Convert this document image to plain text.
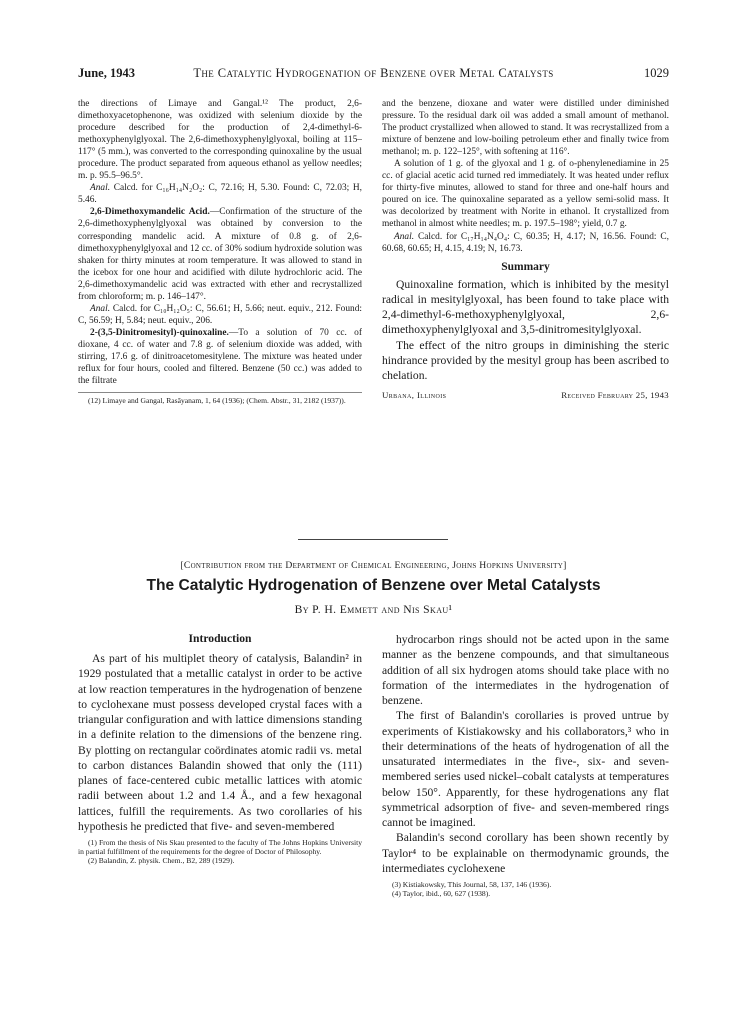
June, 1943	The Catalytic Hydrogenation of Benzene over Metal Catalysts	1029

the directions of Limaye and Gangal.¹² The product, 2,6-dimethoxyacetophenone, was oxidized with selenium dioxide by the procedure described for the production of 2,4-dimethyl-6-methoxyphenylglyoxal. The 2,6-dimethoxyphenylglyoxal, boiling at 115–117° (5 mm.), was converted to the corresponding quinoxaline by the usual procedure. The product separated from aqueous ethanol as yellow needles; m. p. 95.5–96.5°.

Anal. Calcd. for C₁₆H₁₄N₂O₂: C, 72.16; H, 5.30. Found: C, 72.03; H, 5.46.

2,6-Dimethoxymandelic Acid.—Confirmation of the structure of the 2,6-dimethoxyphenylglyoxal was obtained by conversion to the corresponding mandelic acid. A mixture of 0.8 g. of 2,6-dimethoxyphenylglyoxal and 12 cc. of 30% sodium hydroxide solution was shaken for thirty minutes at room temperature. It was allowed to stand in the icebox for one hour and acidified with dilute hydrochloric acid. The 2,6-dimethoxymandelic acid was extracted with ether and recrystallized from chloroform; m. p. 146–147°.

Anal. Calcd. for C₁₀H₁₂O₅: C, 56.61; H, 5.66; neut. equiv., 212. Found: C, 56.59; H, 5.84; neut. equiv., 206.

2-(3,5-Dinitromesityl)-quinoxaline.—To a solution of 70 cc. of dioxane, 4 cc. of water and 7.8 g. of selenium dioxide was added, with stirring, 17.6 g. of dinitroacetomesitylene. The mixture was heated under reflux for four hours, cooled and filtered. Benzene (50 cc.) was added to the filtrate

(12) Limaye and Gangal, Rasāyanam, 1, 64 (1936); (Chem. Abstr., 31, 2182 (1937)).

and the benzene, dioxane and water were distilled under diminished pressure. To the residual dark oil was added a small amount of methanol. The product crystallized when allowed to stand. It was recrystallized from a mixture of benzene and low-boiling petroleum ether and finally twice from methanol; m. p. 122–125°, with softening at 116°.

A solution of 1 g. of the glyoxal and 1 g. of o-phenylenediamine in 25 cc. of glacial acetic acid turned red immediately. It was heated under reflux for thirty-five minutes, allowed to stand for three and one-half hours and poured on ice. The quinoxaline separated as a yellow semi-solid mass. It was decolorized by treatment with Norite in ethanol. It crystallized from methanol in almost white needles; m. p. 197.5–198°; yield, 0.7 g.

Anal. Calcd. for C₁₇H₁₄N₄O₄: C, 60.35; H, 4.17; N, 16.56. Found: C, 60.68, 60.65; H, 4.15, 4.19; N, 16.73.

Summary

Quinoxaline formation, which is inhibited by the mesityl radical in mesitylglyoxal, has been found to take place with 2,4-dimethyl-6-methoxyphenylglyoxal, 2,6-dimethoxyphenylglyoxal and 3,5-dinitromesitylglyoxal.

The effect of the nitro groups in diminishing the steric hindrance provided by the mesityl group has been ascribed to chelation.

Urbana, Illinois	Received February 25, 1943
[Contribution from the Department of Chemical Engineering, Johns Hopkins University]
The Catalytic Hydrogenation of Benzene over Metal Catalysts
By P. H. Emmett and Nis Skau¹
Introduction

As part of his multiplet theory of catalysis, Balandin² in 1929 postulated that a metallic catalyst in order to be active at low reaction temperatures in the hydrogenation of benzene to cyclohexane must possess developed crystal faces with a triangular configuration and with lattice dimensions standing in a definite relation to the dimensions of the benzene ring. By plotting on rectangular coördinates atomic radii vs. metal to carbon distances Balandin showed that only the (111) planes of face-centered cubic metallic lattices with atomic radii between about 1.2 and 1.4 Å., and a few hexagonal lattices, fulfill the requirements. As two corollaries of his hypothesis he predicted that five- and seven-membered

(1) From the thesis of Nis Skau presented to the faculty of The Johns Hopkins University in partial fulfillment of the requirements for the degree of Doctor of Philosophy.

(2) Balandin, Z. physik. Chem., B2, 289 (1929).

hydrocarbon rings should not be acted upon in the same manner as the benzene compounds, and that simultaneous addition of all six hydrogen atoms should take place with no formation of the intermediates in the hydrogenation of benzene.

The first of Balandin's corollaries is proved untrue by experiments of Kistiakowsky and his collaborators,³ who in their determinations of the heats of hydrogenation of all the unsaturated intermediates in the five-, six- and seven-membered series used nickel–cobalt catalysts at temperatures below 150°. Apparently, for these hydrogenations any flat symmetrical adsorption of five- and seven-membered rings cannot be imagined.

Balandin's second corollary has been shown recently by Taylor⁴ to be explainable on thermodynamic grounds, the intermediates cyclohexene

(3) Kistiakowsky, This Journal, 58, 137, 146 (1936).

(4) Taylor, ibid., 60, 627 (1938).
